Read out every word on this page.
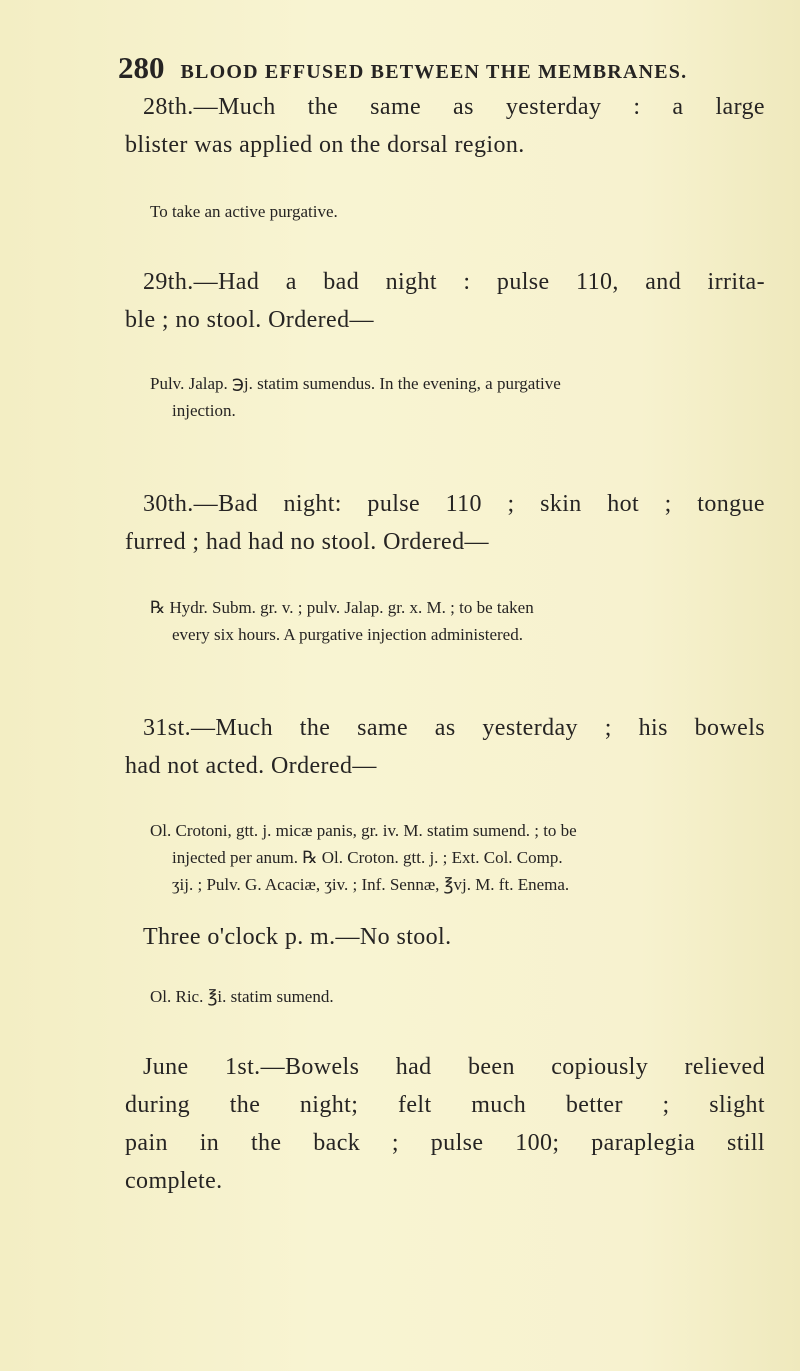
280 BLOOD EFFUSED BETWEEN THE MEMBRANES.
28th.—Much the same as yesterday : a large
blister was applied on the dorsal region.
To take an active purgative.
29th.—Had a bad night : pulse 110, and irrita-
ble ; no stool. Ordered—
Pulv. Jalap. ℈j. statim sumendus. In the evening, a purgative
injection.
30th.—Bad night: pulse 110 ; skin hot ; tongue
furred ; had had no stool. Ordered—
℞ Hydr. Subm. gr. v. ; pulv. Jalap. gr. x. M. ; to be taken
every six hours. A purgative injection administered.
31st.—Much the same as yesterday ; his bowels
had not acted. Ordered—
Ol. Crotoni, gtt. j. micæ panis, gr. iv. M. statim sumend. ; to be
injected per anum. ℞ Ol. Croton. gtt. j. ; Ext. Col. Comp.
ʒij. ; Pulv. G. Acaciæ, ʒiv. ; Inf. Sennæ, ℥vj. M. ft. Enema.
Three o'clock p. m.—No stool.
Ol. Ric. ℥i. statim sumend.
June 1st.—Bowels had been copiously relieved
during the night; felt much better ; slight
pain in the back ; pulse 100; paraplegia still
complete.
